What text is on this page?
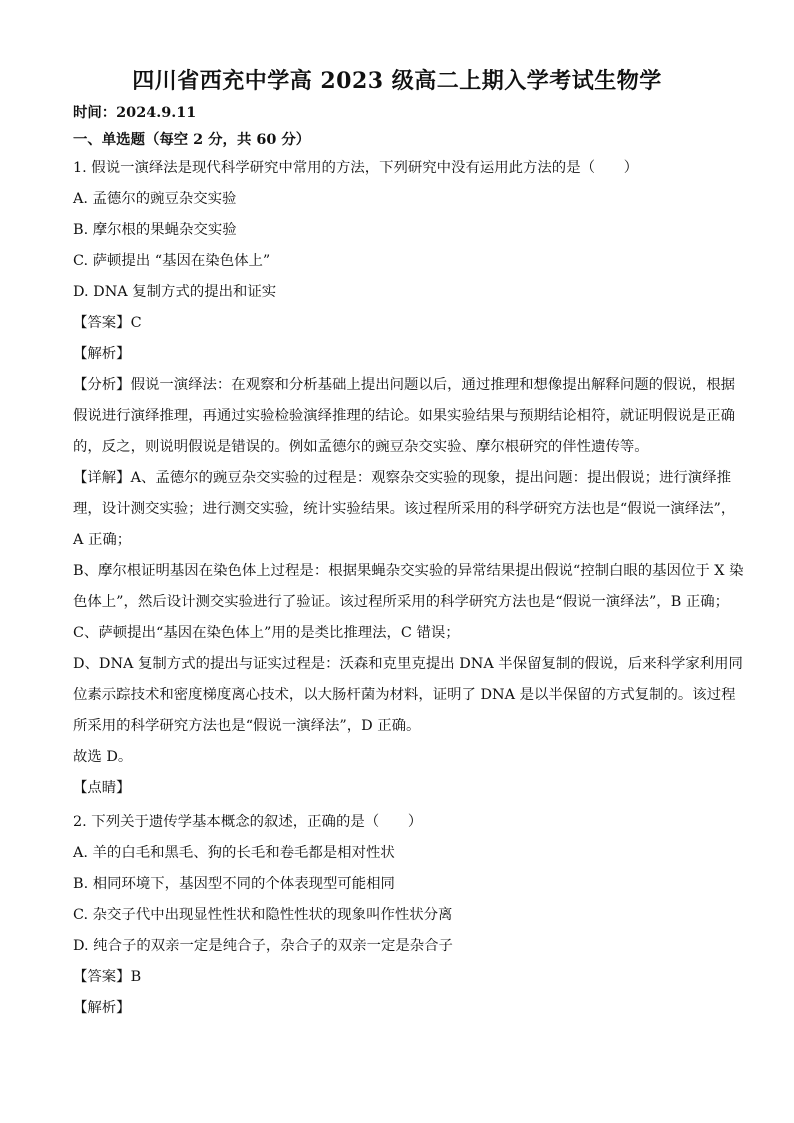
四川省西充中学高 2023 级高二上期入学考试生物学
时间：2024.9.11
一、单选题（每空 2 分，共 60 分）
1. 假说一演绎法是现代科学研究中常用的方法，下列研究中没有运用此方法的是（　　）
A. 孟德尔的豌豆杂交实验
B. 摩尔根的果蝇杂交实验
C. 萨顿提出 “基因在染色体上”
D. DNA 复制方式的提出和证实
【答案】C
【解析】
【分析】假说一演绎法：在观察和分析基础上提出问题以后，通过推理和想像提出解释问题的假说，根据
假说进行演绎推理，再通过实验检验演绎推理的结论。如果实验结果与预期结论相符，就证明假说是正确
的，反之，则说明假说是错误的。例如孟德尔的豌豆杂交实验、摩尔根研究的伴性遗传等。
【详解】A、孟德尔的豌豆杂交实验的过程是：观察杂交实验的现象，提出问题：提出假说；进行演绎推
理，设计测交实验；进行测交实验，统计实验结果。该过程所采用的科学研究方法也是“假说一演绎法”，
A 正确；
B、摩尔根证明基因在染色体上过程是：根据果蝇杂交实验的异常结果提出假说“控制白眼的基因位于 X 染
色体上”，然后设计测交实验进行了验证。该过程所采用的科学研究方法也是“假说一演绎法”，B 正确；
C、萨顿提出“基因在染色体上”用的是类比推理法，C 错误；
D、DNA 复制方式的提出与证实过程是：沃森和克里克提出 DNA 半保留复制的假说，后来科学家利用同
位素示踪技术和密度梯度离心技术，以大肠杆菌为材料，证明了 DNA 是以半保留的方式复制的。该过程
所采用的科学研究方法也是“假说一演绎法”，D 正确。
故选 D。
【点睛】
2. 下列关于遗传学基本概念的叙述，正确的是（　　）
A. 羊的白毛和黑毛、狗的长毛和卷毛都是相对性状
B. 相同环境下，基因型不同的个体表现型可能相同
C. 杂交子代中出现显性性状和隐性性状的现象叫作性状分离
D. 纯合子的双亲一定是纯合子，杂合子的双亲一定是杂合子
【答案】B
【解析】
